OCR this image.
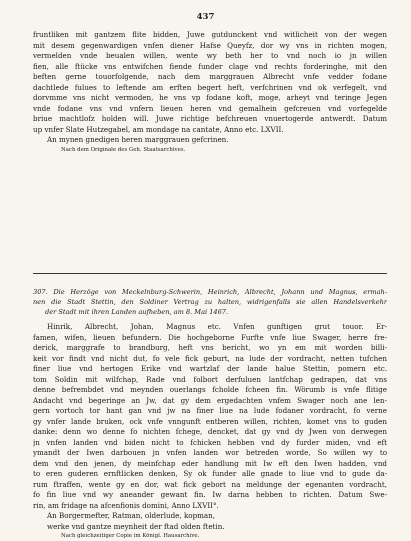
437
fruntliken mit gantzem flite bidden, Juwe gutdunckent vnd witlicheit von der wegen
mit desem gegenwardigen vnfen diener Hafse Queyfz, dor wy vns in richten mogen,
vermelden vnde beualen willen, wente wy beth her to vnd noch io jn willen
fien, alle ftücke vns entwifchen fiende funder clage vnd rechts forderinghe, mit den
beften gerne touorfolgende, nach dem marggrauen Albrecht vnfe vedder fodane
dachtlede fulues to leftende am erften begert heft, verfchrinen vnd ok verfegelt, vnd
dorvmme vns nicht vermoden, he vns vp fodane koft, moge, arheyt vnd teringe Jegen
vnde fodane vns vnd vnfern lieuen heren vnd gemalhein gefcreuen vnd vorfegelde
briue machtlofz holden will. Juwe richtige befchreuen vnuertogerde antwerdt. Datum
up vnfer Slate Hutzegabel, am mondage na cantate, Anno etc. LXVII.
An mynen gnedigen heren marggrauen gefcrinen.
Nach dem Originale des Geh. Staatsarchives.
307. Die Herzöge von Meckelnburg-Schwerin, Heinrich, Albrecht, Johann und Magnus, ermah-
nen die Stadt Stettin, den Soldiner Vertrag zu halten, widrigenfalls sie allen Handelsverkehr
der Stadt mit ihren Landen aufheben, am 8. Mai 1467.
Hinrik, Albrecht, Johan, Magnus etc. Vnfen gunftigen grut touor. Er-
famen, wifen, lieuen befundern. Die hochgeborne Furfte vnfe liue Swager, herre fre-
derick, marggrafe to brandburg, heft vns bericht, wo yn em mit worden billi-
keit vor findt vnd nicht dut, fo vele fick geburt, na lude der vordracht, netten tufchen
finer liue vnd hertogen Erike vnd wartzlaf der lande halue Stettin, pomern etc.
tom Soldin mit wilfchap, Rade vnd folbort derfuluen lantfchap gedrapen, dat vns
denne befrembdet vnd meynden ouerlangs fcholde fcheen fin. Wörumb is vnfe flitige
Andacht vnd begeringe an Jw, dat gy dem ergedachten vnfem Swager noch ane len-
gern vortoch tor hant gan vnd jw na finer liue na lude fodaner vordracht, fo verne
gy vnfer lande bruken, ock vnfe vnngunft entberen willen, richten, komet vns to guden
danke: denn wo denne fo nichten fchege, dencket, dat gy vnd dy Jwen von derwegen
jn vnfen landen vnd biden nicht to fchicken hebben vnd dy furder miden, vnd eft
ymandt der Iwen darbouen jn vnfen landen wor betreden worde, So willen wy to
dem vnd den jenen, dy meinfchap eder handlung mit Iw eft den Iwen hadden, vnd
to eren guderen ernftlicken denken, Sy ok funder alle gnade to liue vnd to gude da-
rum ftraffen, wente gy en dor, wat fick gebort na meldunge der egenanten vordracht,
fo fin liue vnd wy aneander gewant fin. Iw darna hebben to richten. Datum Swe-
rin, am fridage na afcenfionis domini, Anno LXVII°.
An Borgermefter, Ratman, olderlude, kopman,
werke vnd gantze meynheit der ftad olden ftetin.
Nach gleichzeitiger Copie im Königl. Hausarchive.
